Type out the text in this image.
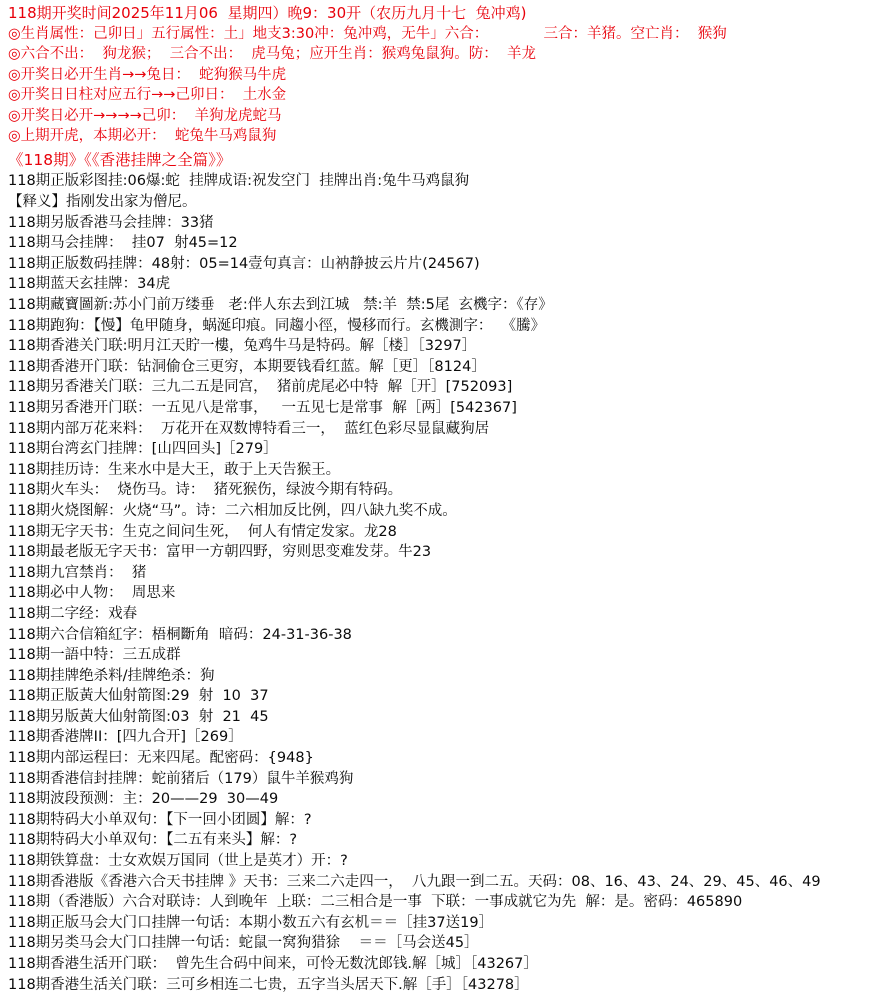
118期开奖时间2025年11月06  星期四）晚9：30开（农历九月十七  兔冲鸡)
◎生肖属性：己卯日」五行属性：土」地支3:30冲：兔冲鸡，无牛」六合：            三合：羊猪。空亡肖：  猴狗
◎六合不出：  狗龙猴；  三合不出：  虎马兔；应开生肖：猴鸡兔鼠狗。防：  羊龙
◎开奖日必开生肖→→兔日：  蛇狗猴马牛虎
◎开奖日日柱对应五行→→己卯日：  土水金
◎开奖日必开→→→→己卯：  羊狗龙虎蛇马
◎上期开虎，本期必开：  蛇兔牛马鸡鼠狗
《118期》《《香港挂牌之全篇》》
118期正版彩图挂:06爆:蛇  挂牌成语:祝发空门  挂牌出肖:兔牛马鸡鼠狗
【释义】指刚发出家为僧尼。
118期另版香港马会挂牌：33猪
118期马会挂牌：  挂07  射45=12
118期正版数码挂牌：48射：05=14壹句真言：山衲静披云片片(24567)
118期蓝天玄挂牌：34虎
118期藏寶圖新:苏小门前万缕垂   老:伴人东去到江城   禁:羊  禁:5尾  玄機字：《存》
118期跑狗：【慢】龟甲随身，蜗涎印痕。同趨小徑，慢移而行。玄機測字：  《騰》
118期香港关门联:明月江天貯一樓，兔鸡牛马是特码。解［楼］［3297］
118期香港开门联：钻洞偷仓三更穷，本期要钱看红蓝。解［更］［8124］
118期另香港关门联：三九二五是同宫，  猪前虎尾必中特  解［开］[752093]
118期另香港开门联：一五见八是常事，   一五见七是常事  解［两］[542367]
118期内部万花来料：  万花开在双数博特看三一，  蓝红色彩尽显鼠藏狗居
118期台湾玄门挂牌：[山四回头]［279］
118期挂历诗：生来水中是大王，敢于上天告猴王。
118期火车头：  烧伤马。诗：  猪死猴伤，绿波今期有特码。
118期火烧图解：火烧“马”。诗：二六相加反比例，四八缺九奖不成。
118期无字天书：生克之间问生死，  何人有情定发家。龙28
118期最老版无字天书：富甲一方朝四野，穷则思变难发芽。牛23
118期九宫禁肖：  猪
118期必中人物：  周思来
118期二字经：戏春
118期六合信箱紅字：梧桐斷角  暗码：24-31-36-38
118期一語中特：三五成群
118期挂牌绝杀料/挂牌绝杀：狗
118期正版黃大仙射箭图:29  射  10  37
118期另版黃大仙射箭图:03  射  21  45
118期香港牌II：[四九合开]［269］
118期内部运程曰：无来四尾。配密码：{948}
118期香港信封挂牌：蛇前猪后（179）鼠牛羊猴鸡狗
118期波段预测：主：20——29  30—49
118期特码大小单双句：【下一回小团圆】解：?
118期特码大小单双句：【二五有来头】解：?
118期铁算盘：士女欢娱万国同（世上是英才）开：?
118期香港版《香港六合天书挂牌 》天书：三来二六走四一，  八九跟一到二五。天码：08、16、43、24、29、45、46、49
118期（香港版）六合对联诗：人到晚年  上联：二三相合是一事  下联：一事成就它为先  解：是。密码：465890
118期正版马会大门口挂牌一句话：本期小数五六有玄机＝＝［挂37送19］
118期另类马会大门口挂牌一句话：蛇鼠一窝狗猎狳    ＝＝［马会送45］
118期香港生活开门联：  曾先生合码中间来，可怜无数沈郎钱.解［城］［43267］
118期香港生活关门联：三可乡相连二七贵，五字当头居天下.解［手］［43278］
